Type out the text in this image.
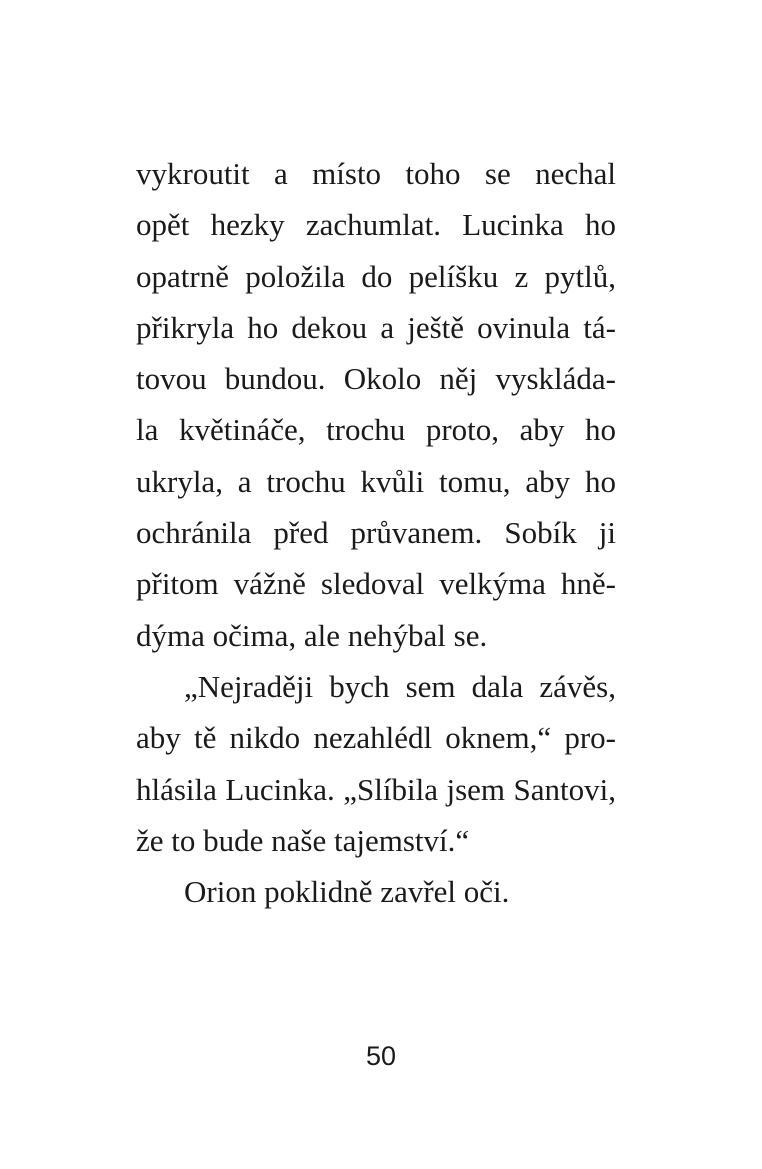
vykroutit a místo toho se nechal
opět hezky zachumlat. Lucinka ho
opatrně položila do pelíšku z pytlů,
přikryla ho dekou a ještě ovinula tá-
tovou bundou. Okolo něj vyskláda-
la květináče, trochu proto, aby ho
ukryla, a trochu kvůli tomu, aby ho
ochránila před průvanem. Sobík ji
přitom vážně sledoval velkýma hně-
dýma očima, ale nehýbal se.
„Nejraději bych sem dala závěs,
aby tě nikdo nezahlédl oknem,“ pro-
hlásila Lucinka. „Slíbila jsem Santovi,
že to bude naše tajemství.“
Orion poklidně zavřel oči.
50
